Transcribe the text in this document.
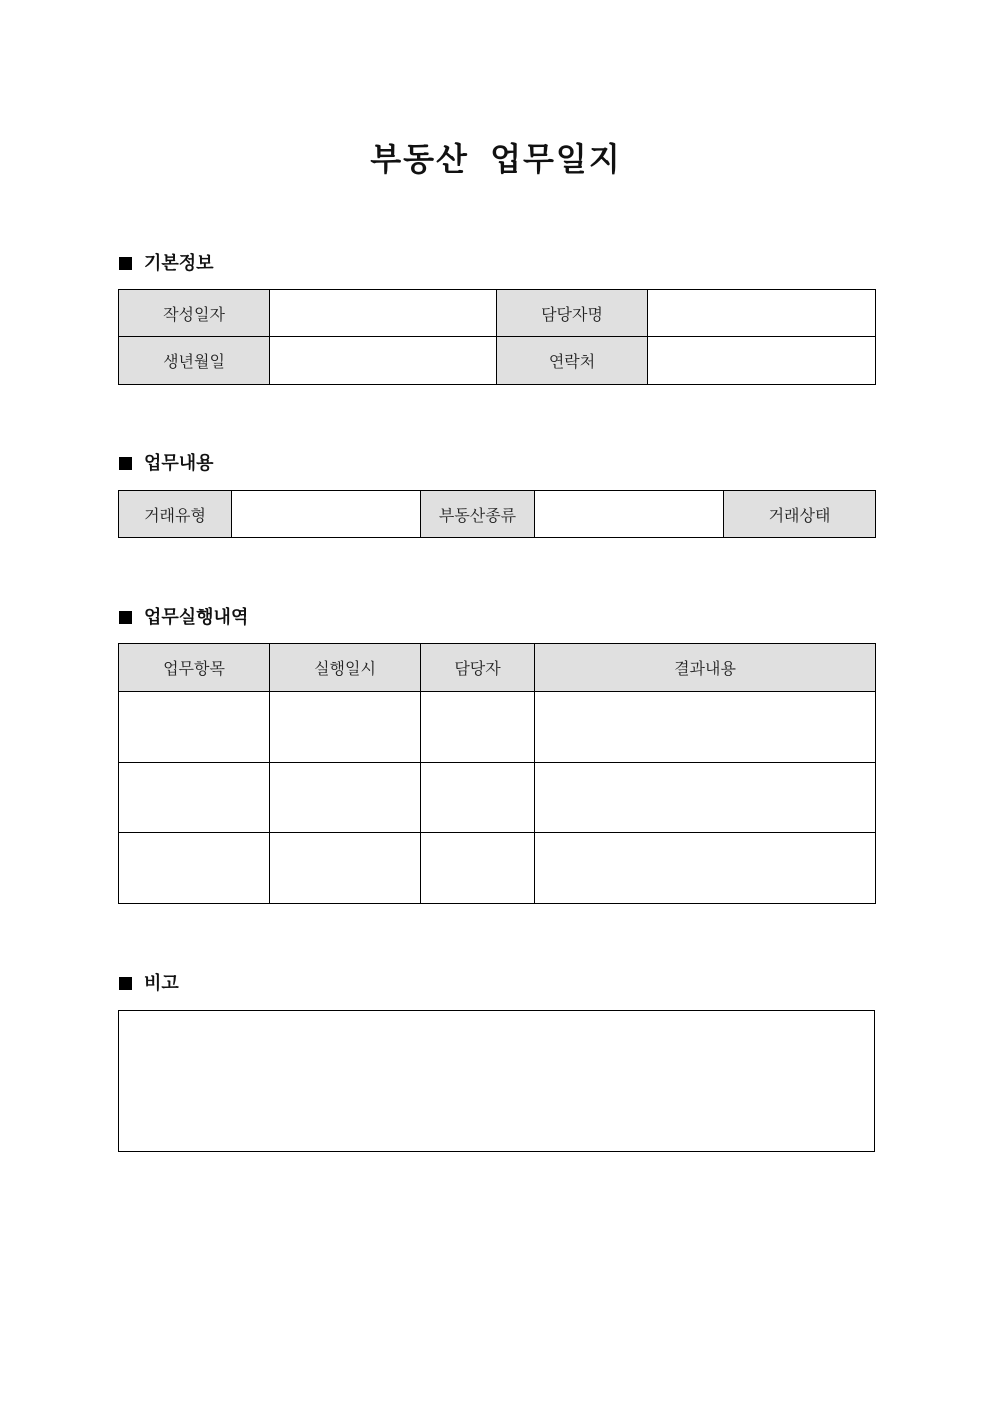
부동산 업무일지
기본정보
작성일자		담당자명	
생년월일		연락처	
업무내용
거래유형		부동산종류		거래상태
업무실행내역
업무항목	실행일시	담당자	결과내용

비고
